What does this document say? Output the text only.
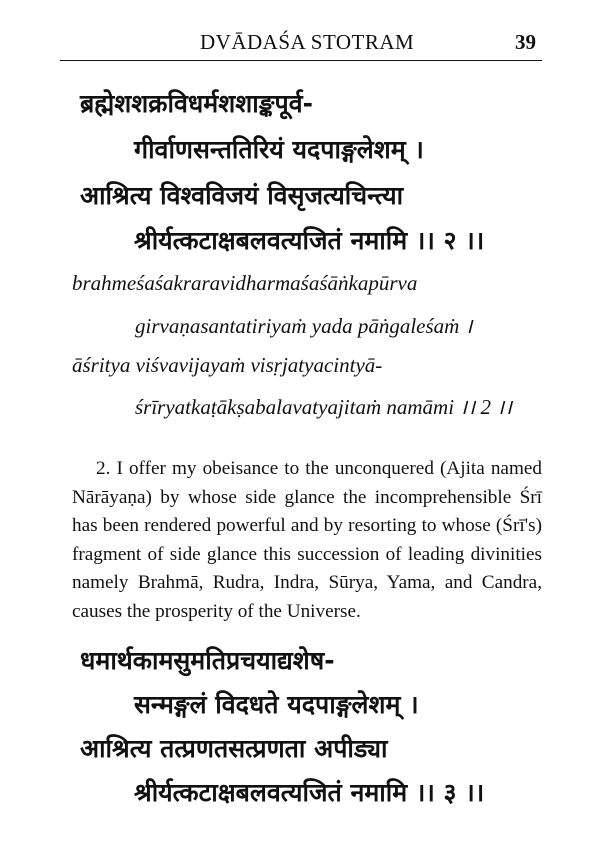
DVĀDAŚA STOTRAM	39
ब्रह्मेशशक्रविधर्मशशाङ्कपूर्व-
गीर्वाणसन्ततिरियं यदपाङ्गलेशम् ।
आश्रित्य विश्वविजयं विसृजत्यचिन्त्या
श्रीर्यत्कटाक्षबलवत्यजितं नमामि ।। २ ।।
brahmeśaśakraravidharmaśaśāṅkapūrva
girvaṇasantatiriyaṁ yada pāṅgaleśaṁ ।
āśritya viśvavijayaṁ visṛjatyacintyā-
śrīryatkaṭākṣabalavatyajitaṁ namāmi ।। 2 ।।
2. I offer my obeisance to the unconquered (Ajita named Nārāyaṇa) by whose side glance the incomprehensible Śrī has been rendered powerful and by resorting to whose (Śrī's) fragment of side glance this succession of leading divinities namely Brahmā, Rudra, Indra, Sūrya, Yama, and Candra, causes the prosperity of the Universe.
धमार्थकामसुमतिप्रचयाद्यशेष-
सन्मङ्गलं विदधते यदपाङ्गलेशम् ।
आश्रित्य तत्प्रणतसत्प्रणता अपीड्या
श्रीर्यत्कटाक्षबलवत्यजितं नमामि ।। ३ ।।
